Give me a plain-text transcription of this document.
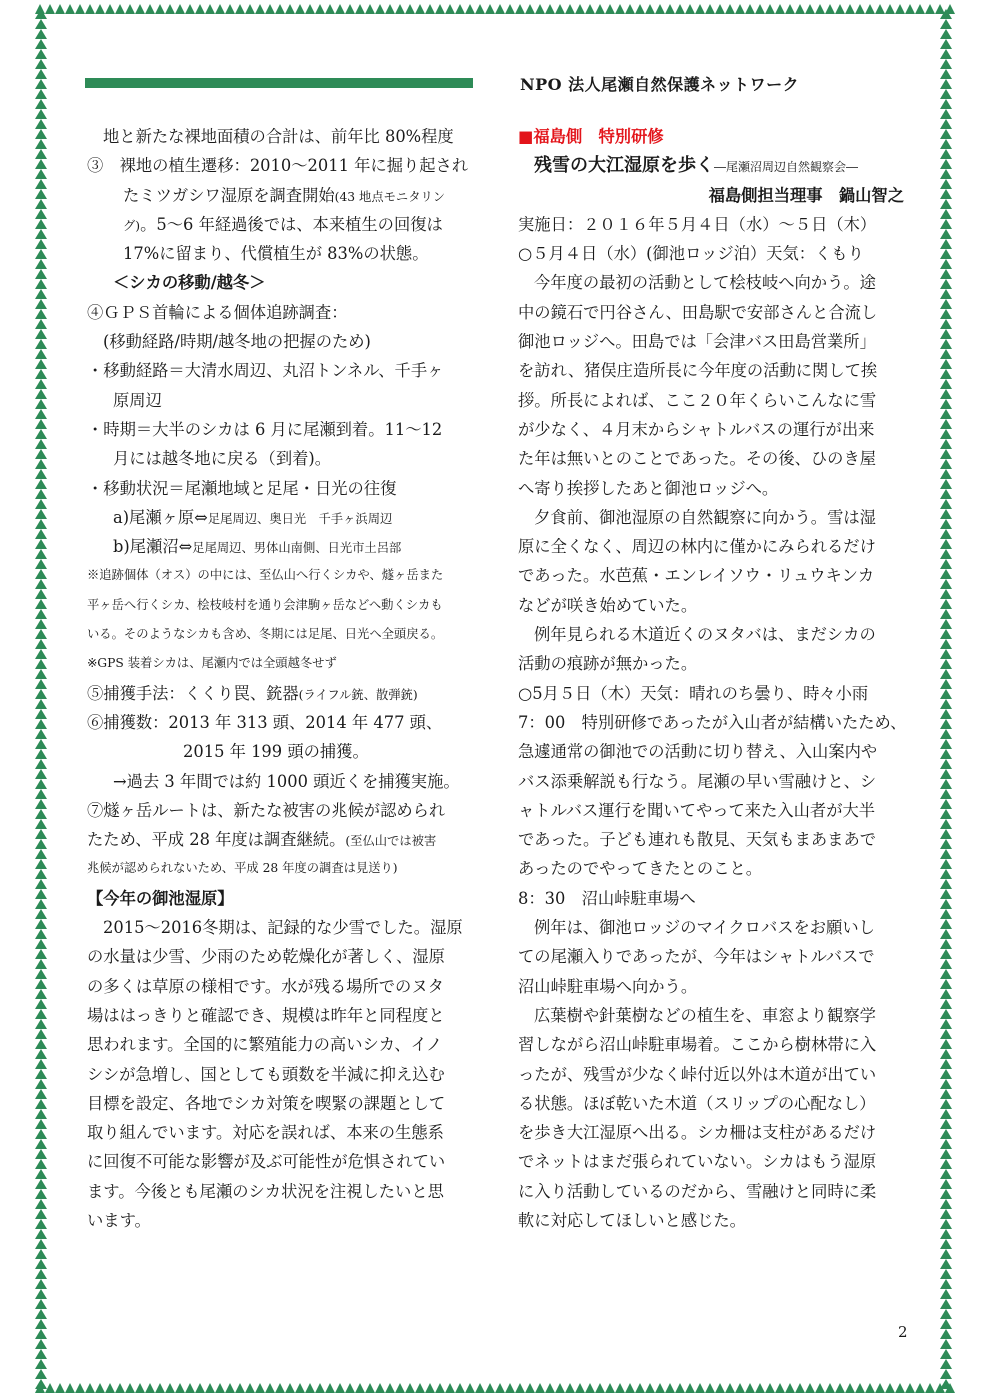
NPO 法人尾瀬自然保護ネットワーク
地と新たな裸地面積の合計は、前年比 80%程度
③　裸地の植生遷移：2010～2011 年に掘り起され
たミツガシワ湿原を調査開始(43 地点モニタリン
グ)。5～6 年経過後では、本来植生の回復は
17%に留まり、代償植生が 83%の状態。
＜シカの移動/越冬＞
④ＧＰＳ首輪による個体追跡調査：
(移動経路/時期/越冬地の把握のため)
・移動経路＝大清水周辺、丸沼トンネル、千手ヶ
原周辺
・時期＝大半のシカは 6 月に尾瀬到着。11～12
月には越冬地に戻る（到着)。
・移動状況＝尾瀬地域と足尾・日光の往復
a)尾瀬ヶ原⇔足尾周辺、奥日光　千手ヶ浜周辺
b)尾瀬沼⇔足尾周辺、男体山南側、日光市土呂部
※追跡個体（オス）の中には、至仏山へ行くシカや、燧ヶ岳また
平ヶ岳へ行くシカ、桧枝岐村を通り会津駒ヶ岳などへ動くシカも
いる。そのようなシカも含め、冬期には足尾、日光へ全頭戻る。
※GPS 装着シカは、尾瀬内では全頭越冬せず
⑤捕獲手法：くくり罠、銃器(ライフル銃、散弾銃)
⑥捕獲数：2013 年 313 頭、2014 年 477 頭、
2015 年 199 頭の捕獲。
→過去 3 年間では約 1000 頭近くを捕獲実施。
⑦燧ヶ岳ルートは、新たな被害の兆候が認められ
たため、平成 28 年度は調査継続。(至仏山では被害
兆候が認められないため、平成 28 年度の調査は見送り)
【今年の御池湿原】
2015～2016冬期は、記録的な少雪でした。湿原
の水量は少雪、少雨のため乾燥化が著しく、湿原
の多くは草原の様相です。水が残る場所でのヌタ
場ははっきりと確認でき、規模は昨年と同程度と
思われます。全国的に繁殖能力の高いシカ、イノ
シシが急増し、国としても頭数を半減に抑え込む
目標を設定、各地でシカ対策を喫緊の課題として
取り組んでいます。対応を誤れば、本来の生態系
に回復不可能な影響が及ぶ可能性が危惧されてい
ます。今後とも尾瀬のシカ状況を注視したいと思
います。
■福島側　特別研修
残雪の大江湿原を歩く―尾瀬沼周辺自然観察会―
福島側担当理事　鍋山智之
実施日：２０１６年５月４日（水）～５日（木）
○５月４日（水）(御池ロッジ泊）天気：くもり
今年度の最初の活動として桧枝岐へ向かう。途
中の鏡石で円谷さん、田島駅で安部さんと合流し
御池ロッジへ。田島では「会津バス田島営業所」
を訪れ、猪俣庄造所長に今年度の活動に関して挨
拶。所長によれば、ここ２０年くらいこんなに雪
が少なく、４月末からシャトルバスの運行が出来
た年は無いとのことであった。その後、ひのき屋
へ寄り挨拶したあと御池ロッジへ。
夕食前、御池湿原の自然観察に向かう。雪は湿
原に全くなく、周辺の林内に僅かにみられるだけ
であった。水芭蕉・エンレイソウ・リュウキンカ
などが咲き始めていた。
例年見られる木道近くのヌタバは、まだシカの
活動の痕跡が無かった。
○5月５日（木）天気：晴れのち曇り、時々小雨
7：00　特別研修であったが入山者が結構いたため、
急遽通常の御池での活動に切り替え、入山案内や
バス添乗解説も行なう。尾瀬の早い雪融けと、シ
ャトルバス運行を聞いてやって来た入山者が大半
であった。子ども連れも散見、天気もまあまあで
あったのでやってきたとのこと。
8：30　沼山峠駐車場へ
例年は、御池ロッジのマイクロバスをお願いし
ての尾瀬入りであったが、今年はシャトルバスで
沼山峠駐車場へ向かう。
広葉樹や針葉樹などの植生を、車窓より観察学
習しながら沼山峠駐車場着。ここから樹林帯に入
ったが、残雪が少なく峠付近以外は木道が出てい
る状態。ほぼ乾いた木道（スリップの心配なし）
を歩き大江湿原へ出る。シカ柵は支柱があるだけ
でネットはまだ張られていない。シカはもう湿原
に入り活動しているのだから、雪融けと同時に柔
軟に対応してほしいと感じた。
2
